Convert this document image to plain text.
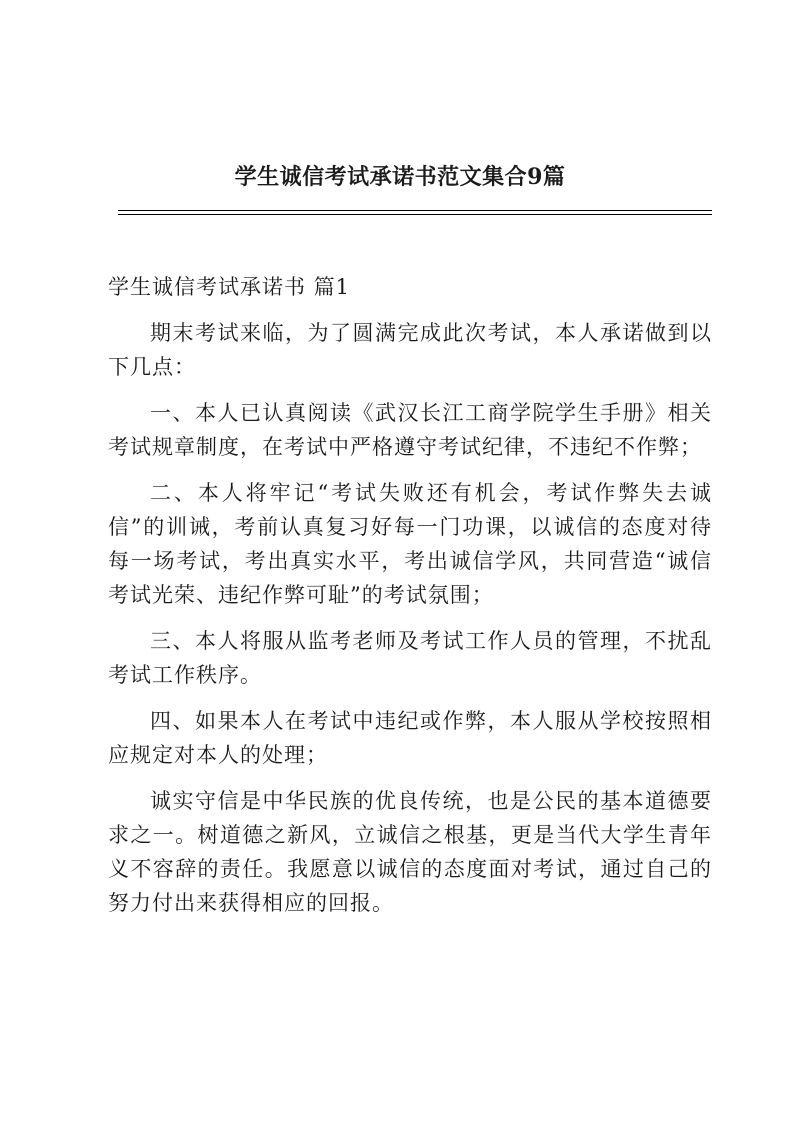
学生诚信考试承诺书范文集合9篇
学生诚信考试承诺书 篇1

期末考试来临，为了圆满完成此次考试，本人承诺做到以下几点：

一、本人已认真阅读《武汉长江工商学院学生手册》相关考试规章制度，在考试中严格遵守考试纪律，不违纪不作弊；

二、本人将牢记“考试失败还有机会，考试作弊失去诚信”的训诫，考前认真复习好每一门功课，以诚信的态度对待每一场考试，考出真实水平，考出诚信学风，共同营造“诚信考试光荣、违纪作弊可耻”的考试氛围；

三、本人将服从监考老师及考试工作人员的管理，不扰乱考试工作秩序。

四、如果本人在考试中违纪或作弊，本人服从学校按照相应规定对本人的处理；

诚实守信是中华民族的优良传统，也是公民的基本道德要求之一。树道德之新风，立诚信之根基，更是当代大学生青年义不容辞的责任。我愿意以诚信的态度面对考试，通过自己的努力付出来获得相应的回报。
